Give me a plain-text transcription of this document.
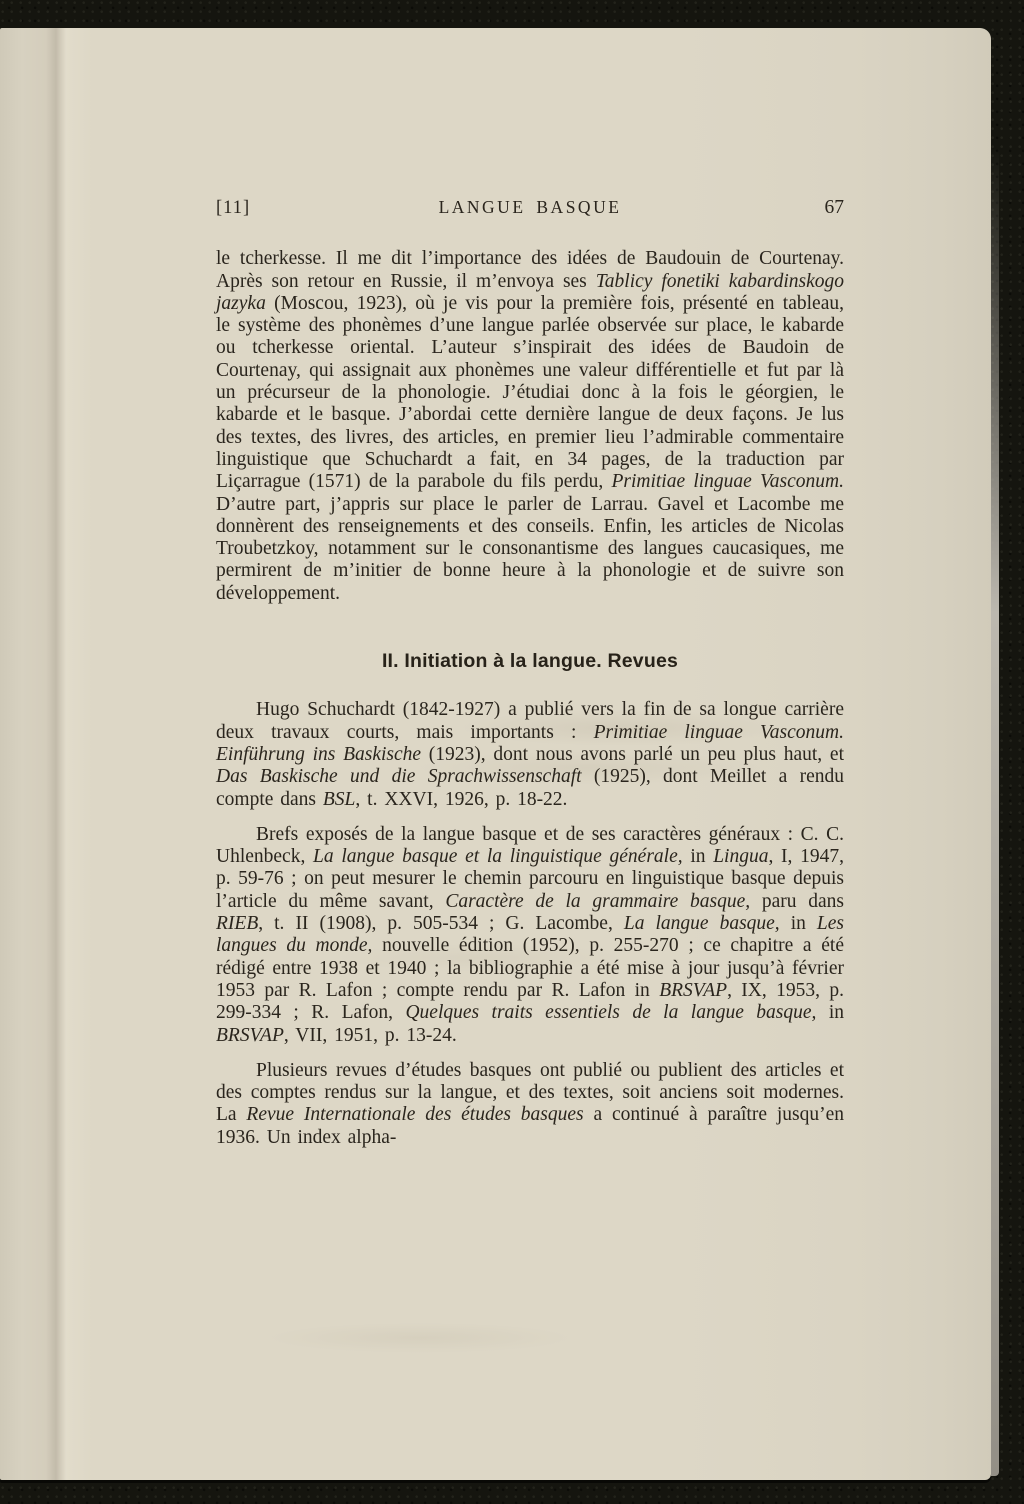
[11]	LANGUE BASQUE	67

le tcherkesse. Il me dit l’importance des idées de Baudouin de Courtenay. Après son retour en Russie, il m’envoya ses Tablicy fonetiki kabardinskogo jazyka (Moscou, 1923), où je vis pour la première fois, présenté en tableau, le système des phonèmes d’une langue parlée observée sur place, le kabarde ou tcherkesse oriental. L’auteur s’inspirait des idées de Baudoin de Courtenay, qui assignait aux phonèmes une valeur différentielle et fut par là un précurseur de la phonologie. J’étudiai donc à la fois le géorgien, le kabarde et le basque. J’abordai cette dernière langue de deux façons. Je lus des textes, des livres, des articles, en premier lieu l’admirable commentaire linguistique que Schuchardt a fait, en 34 pages, de la traduction par Liçarrague (1571) de la parabole du fils perdu, Primitiae linguae Vasconum. D’autre part, j’appris sur place le parler de Larrau. Gavel et Lacombe me donnèrent des renseignements et des conseils. Enfin, les articles de Nicolas Troubetzkoy, notamment sur le consonantisme des langues caucasiques, me permirent de m’initier de bonne heure à la phonologie et de suivre son développement.

II. Initiation à la langue. Revues

Hugo Schuchardt (1842-1927) a publié vers la fin de sa longue carrière deux travaux courts, mais importants : Primitiae linguae Vasconum. Einführung ins Baskische (1923), dont nous avons parlé un peu plus haut, et Das Baskische und die Sprachwissenschaft (1925), dont Meillet a rendu compte dans BSL, t. XXVI, 1926, p. 18-22.

Brefs exposés de la langue basque et de ses caractères généraux : C. C. Uhlenbeck, La langue basque et la linguistique générale, in Lingua, I, 1947, p. 59-76 ; on peut mesurer le chemin parcouru en linguistique basque depuis l’article du même savant, Caractère de la grammaire basque, paru dans RIEB, t. II (1908), p. 505-534 ; G. Lacombe, La langue basque, in Les langues du monde, nouvelle édition (1952), p. 255-270 ; ce chapitre a été rédigé entre 1938 et 1940 ; la bibliographie a été mise à jour jusqu’à février 1953 par R. Lafon ; compte rendu par R. Lafon in BRSVAP, IX, 1953, p. 299-334 ; R. Lafon, Quelques traits essentiels de la langue basque, in BRSVAP, VII, 1951, p. 13-24.

Plusieurs revues d’études basques ont publié ou publient des articles et des comptes rendus sur la langue, et des textes, soit anciens soit modernes. La Revue Internationale des études basques a continué à paraître jusqu’en 1936. Un index alpha-
